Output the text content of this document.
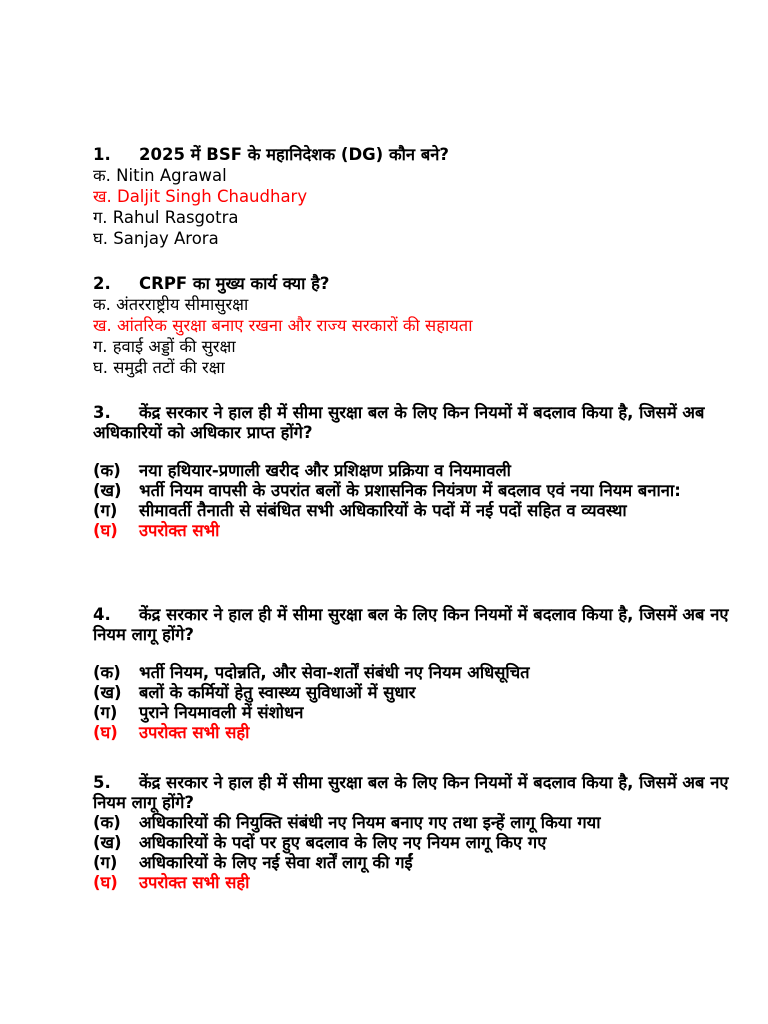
1. 2025 में BSF के महानिदेशक (DG) कौन बने?
क. Nitin Agrawal
ख. Daljit Singh Chaudhary
ग. Rahul Rasgotra
घ. Sanjay Arora
2. CRPF का मुख्य कार्य क्या है?
क. अंतरराष्ट्रीय सीमासुरक्षा
ख. आंतरिक सुरक्षा बनाए रखना और राज्य सरकारों की सहायता
ग. हवाई अड्डों की सुरक्षा
घ. समुद्री तटों की रक्षा
3. केंद्र सरकार ने हाल ही में सीमा सुरक्षा बल के लिए किन नियमों में बदलाव किया है, जिसमें अब अधिकारियों को अधिकार प्राप्त होंगे?
(क)	नया हथियार-प्रणाली खरीद और प्रशिक्षण प्रक्रिया व नियमावली
(ख)	भर्ती नियम वापसी के उपरांत बलों के प्रशासनिक नियंत्रण में बदलाव एवं नया नियम बनाना:
(ग)	सीमावर्ती तैनाती से संबंधित सभी अधिकारियों के पदों में नई पदों सहित व व्यवस्था
(घ)	उपरोक्त सभी
4. केंद्र सरकार ने हाल ही में सीमा सुरक्षा बल के लिए किन नियमों में बदलाव किया है, जिसमें अब नए नियम लागू होंगे?
(क)	भर्ती नियम, पदोन्नति, और सेवा-शर्तों संबंधी नए नियम अधिसूचित
(ख)	बलों के कर्मियों हेतु स्वास्थ्य सुविधाओं में सुधार
(ग)	पुराने नियमावली में संशोधन
(घ)	उपरोक्त सभी सही
5. केंद्र सरकार ने हाल ही में सीमा सुरक्षा बल के लिए किन नियमों में बदलाव किया है, जिसमें अब नए नियम लागू होंगे?
(क)	अधिकारियों की नियुक्ति संबंधी नए नियम बनाए गए तथा इन्हें लागू किया गया
(ख)	अधिकारियों के पदों पर हुए बदलाव के लिए नए नियम लागू किए गए
(ग)	अधिकारियों के लिए नई सेवा शर्तें लागू की गईं
(घ)	उपरोक्त सभी सही
